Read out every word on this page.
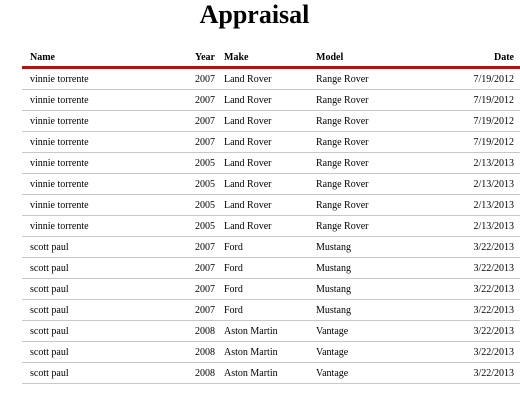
Appraisal
Name	Year	Make	Model	Date
vinnie torrente	2007	Land Rover	Range Rover	7/19/2012
vinnie torrente	2007	Land Rover	Range Rover	7/19/2012
vinnie torrente	2007	Land Rover	Range Rover	7/19/2012
vinnie torrente	2007	Land Rover	Range Rover	7/19/2012
vinnie torrente	2005	Land Rover	Range Rover	2/13/2013
vinnie torrente	2005	Land Rover	Range Rover	2/13/2013
vinnie torrente	2005	Land Rover	Range Rover	2/13/2013
vinnie torrente	2005	Land Rover	Range Rover	2/13/2013
scott paul	2007	Ford	Mustang	3/22/2013
scott paul	2007	Ford	Mustang	3/22/2013
scott paul	2007	Ford	Mustang	3/22/2013
scott paul	2007	Ford	Mustang	3/22/2013
scott paul	2008	Aston Martin	Vantage	3/22/2013
scott paul	2008	Aston Martin	Vantage	3/22/2013
scott paul	2008	Aston Martin	Vantage	3/22/2013
